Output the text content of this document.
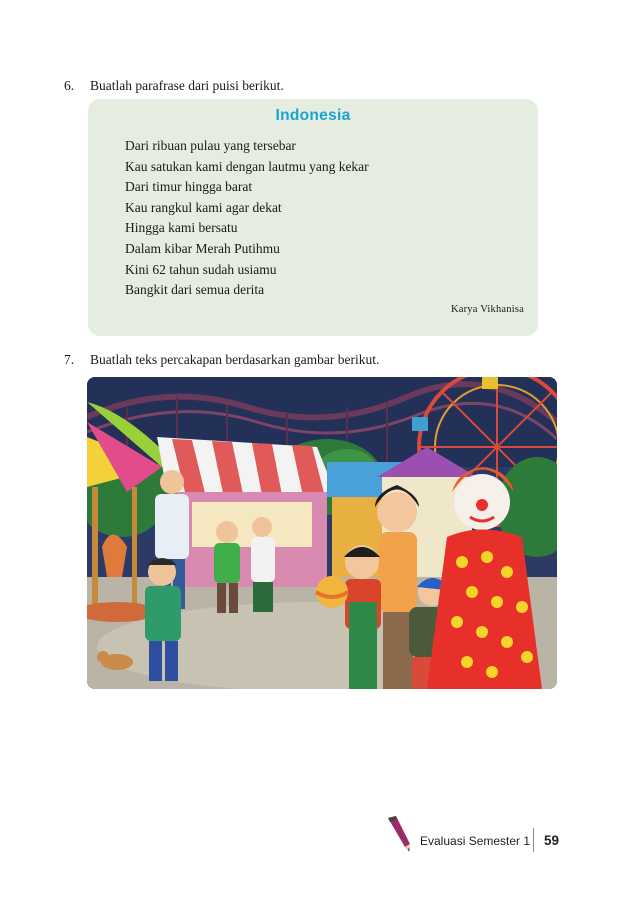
6. Buatlah parafrase dari puisi berikut.
Indonesia
Dari ribuan pulau yang tersebar
Kau satukan kami dengan lautmu yang kekar
Dari timur hingga barat
Kau rangkul kami agar dekat
Hingga kami bersatu
Dalam kibar Merah Putihmu
Kini 62 tahun sudah usiamu
Bangkit dari semua derita
Karya Vikhanisa
7. Buatlah teks percakapan berdasarkan gambar berikut.
Evaluasi Semester 1 59
